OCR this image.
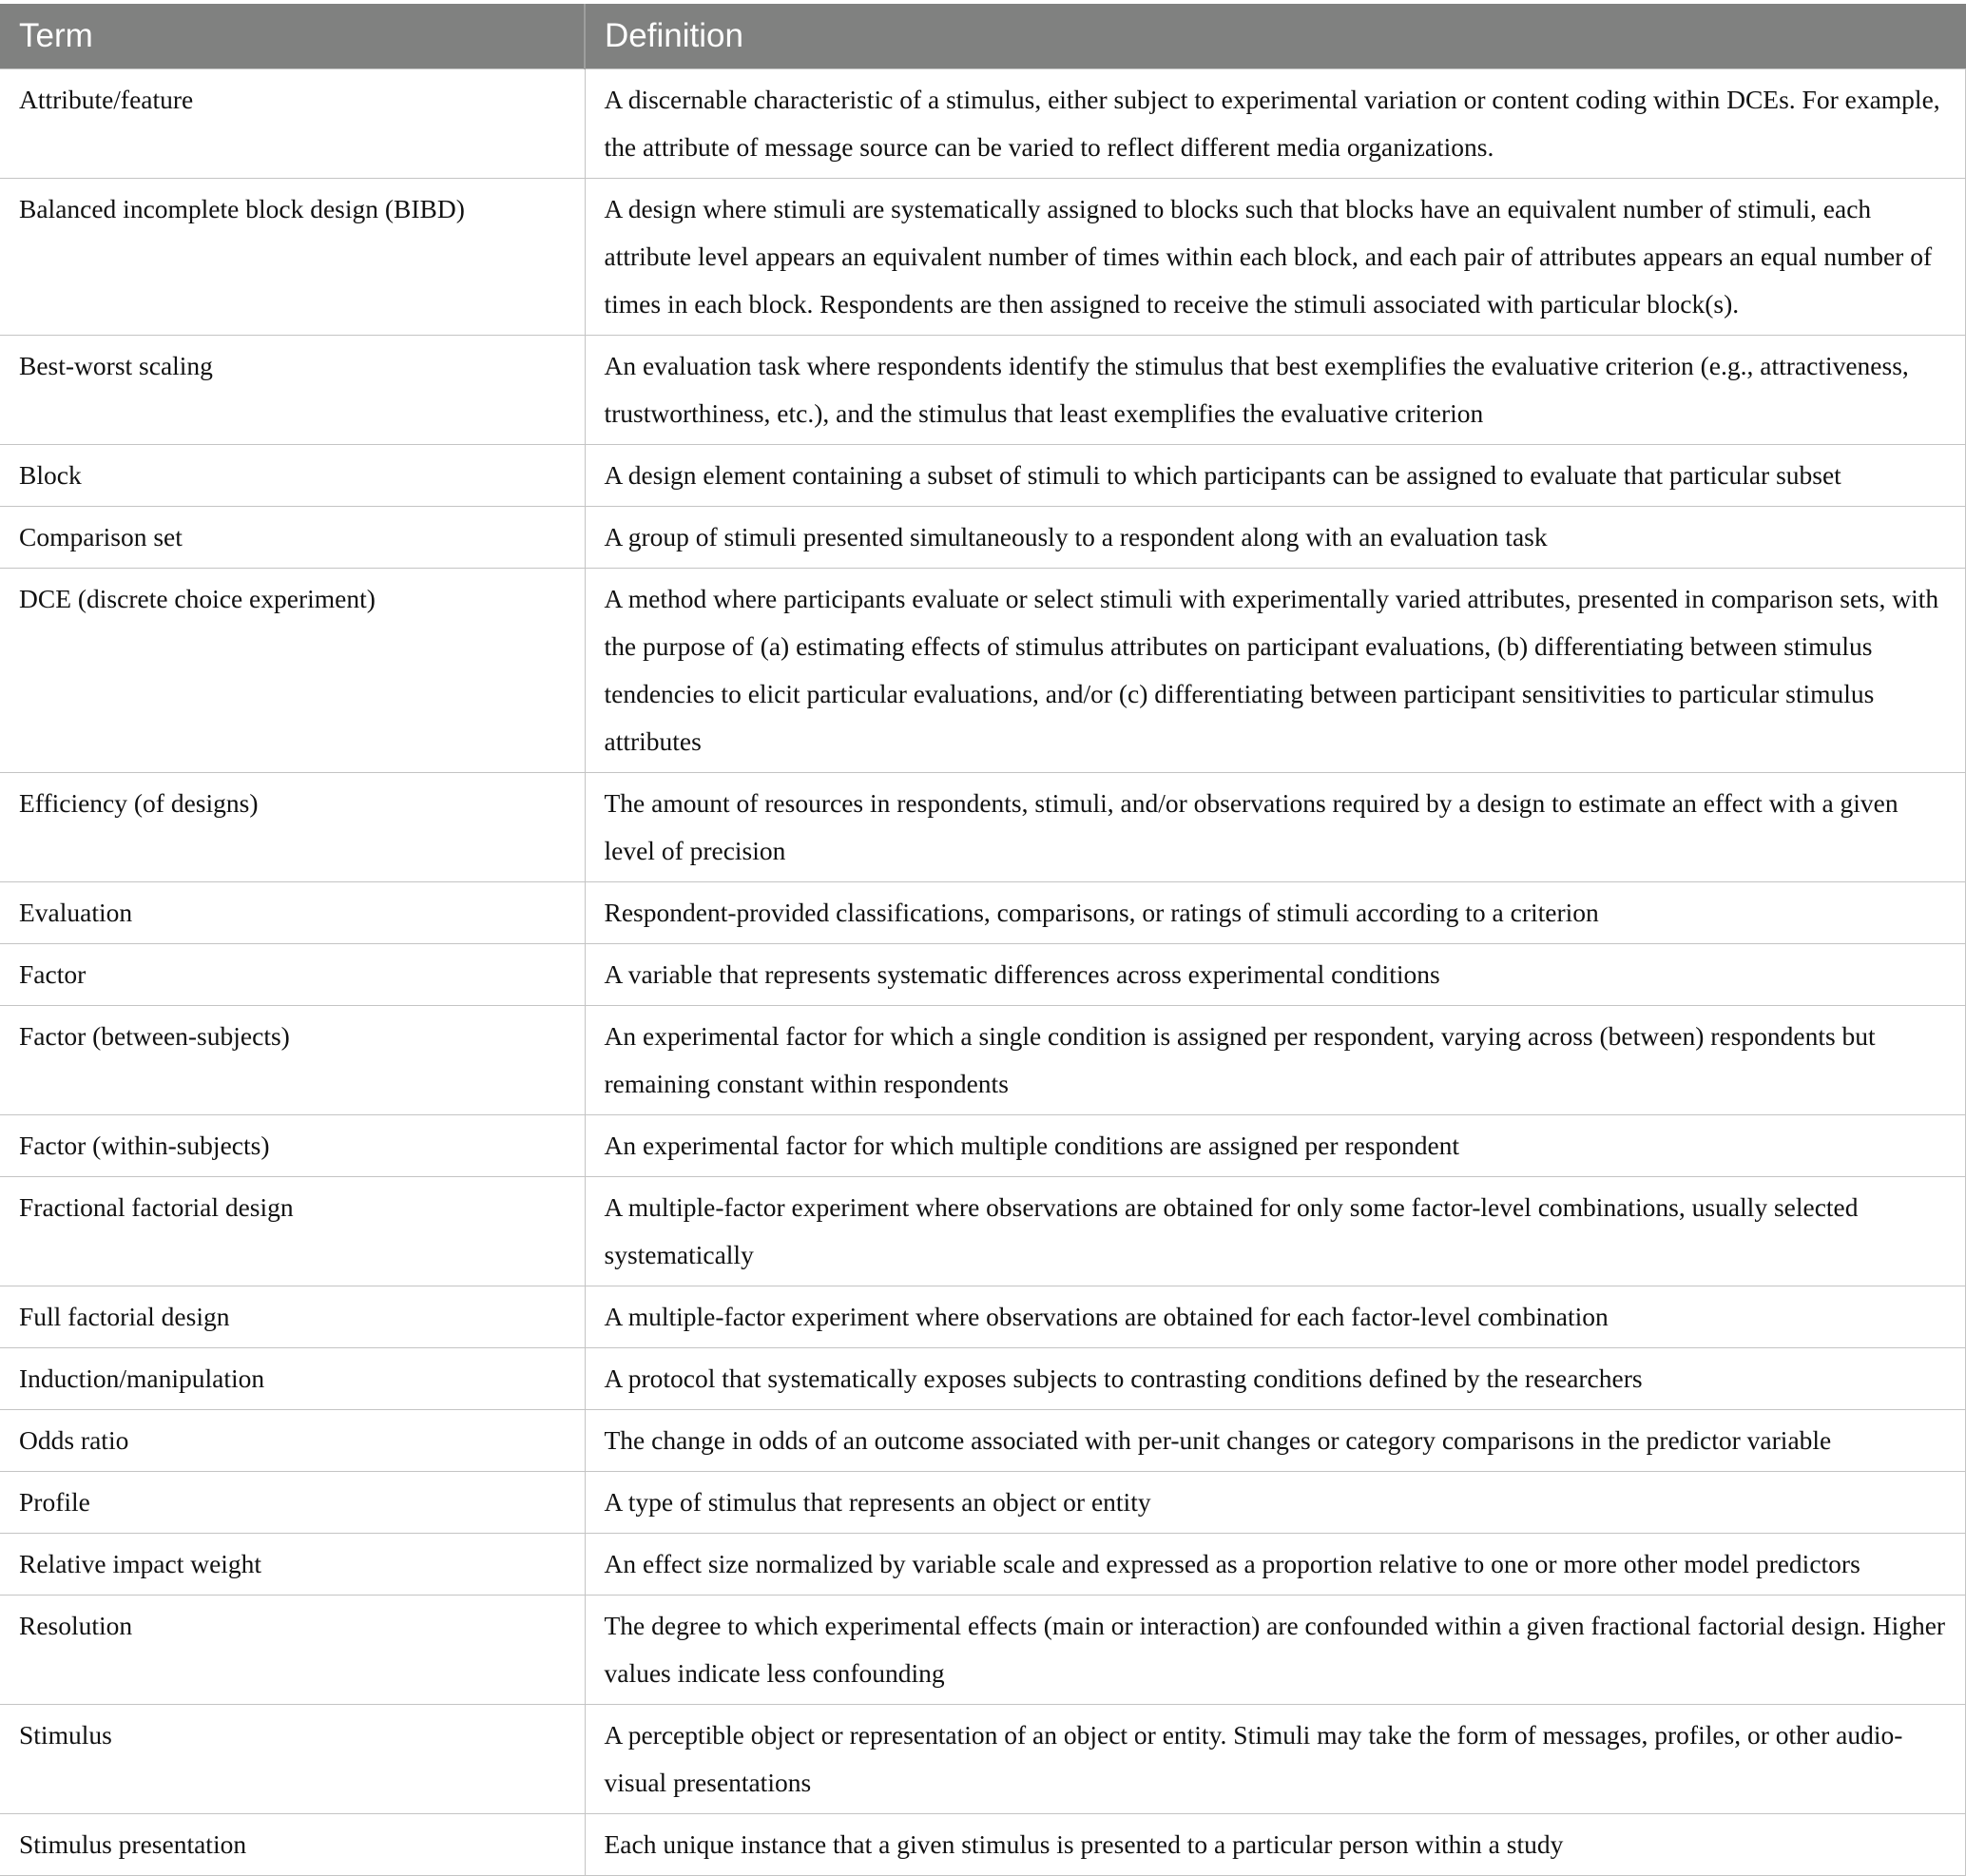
Term	Definition
Attribute/feature	A discernable characteristic of a stimulus, either subject to experimental variation or content coding within DCEs. For example, the attribute of message source can be varied to reflect different media organizations.
Balanced incomplete block design (BIBD)	A design where stimuli are systematically assigned to blocks such that blocks have an equivalent number of stimuli, each attribute level appears an equivalent number of times within each block, and each pair of attributes appears an equal number of times in each block. Respondents are then assigned to receive the stimuli associated with particular block(s).
Best-worst scaling	An evaluation task where respondents identify the stimulus that best exemplifies the evaluative criterion (e.g., attractiveness, trustworthiness, etc.), and the stimulus that least exemplifies the evaluative criterion
Block	A design element containing a subset of stimuli to which participants can be assigned to evaluate that particular subset
Comparison set	A group of stimuli presented simultaneously to a respondent along with an evaluation task
DCE (discrete choice experiment)	A method where participants evaluate or select stimuli with experimentally varied attributes, presented in comparison sets, with the purpose of (a) estimating effects of stimulus attributes on participant evaluations, (b) differentiating between stimulus tendencies to elicit particular evaluations, and/or (c) differentiating between participant sensitivities to particular stimulus attributes
Efficiency (of designs)	The amount of resources in respondents, stimuli, and/or observations required by a design to estimate an effect with a given level of precision
Evaluation	Respondent-provided classifications, comparisons, or ratings of stimuli according to a criterion
Factor	A variable that represents systematic differences across experimental conditions
Factor (between-subjects)	An experimental factor for which a single condition is assigned per respondent, varying across (between) respondents but remaining constant within respondents
Factor (within-subjects)	An experimental factor for which multiple conditions are assigned per respondent
Fractional factorial design	A multiple-factor experiment where observations are obtained for only some factor-level combinations, usually selected systematically
Full factorial design	A multiple-factor experiment where observations are obtained for each factor-level combination
Induction/manipulation	A protocol that systematically exposes subjects to contrasting conditions defined by the researchers
Odds ratio	The change in odds of an outcome associated with per-unit changes or category comparisons in the predictor variable
Profile	A type of stimulus that represents an object or entity
Relative impact weight	An effect size normalized by variable scale and expressed as a proportion relative to one or more other model predictors
Resolution	The degree to which experimental effects (main or interaction) are confounded within a given fractional factorial design. Higher values indicate less confounding
Stimulus	A perceptible object or representation of an object or entity. Stimuli may take the form of messages, profiles, or other audio-visual presentations
Stimulus presentation	Each unique instance that a given stimulus is presented to a particular person within a study
